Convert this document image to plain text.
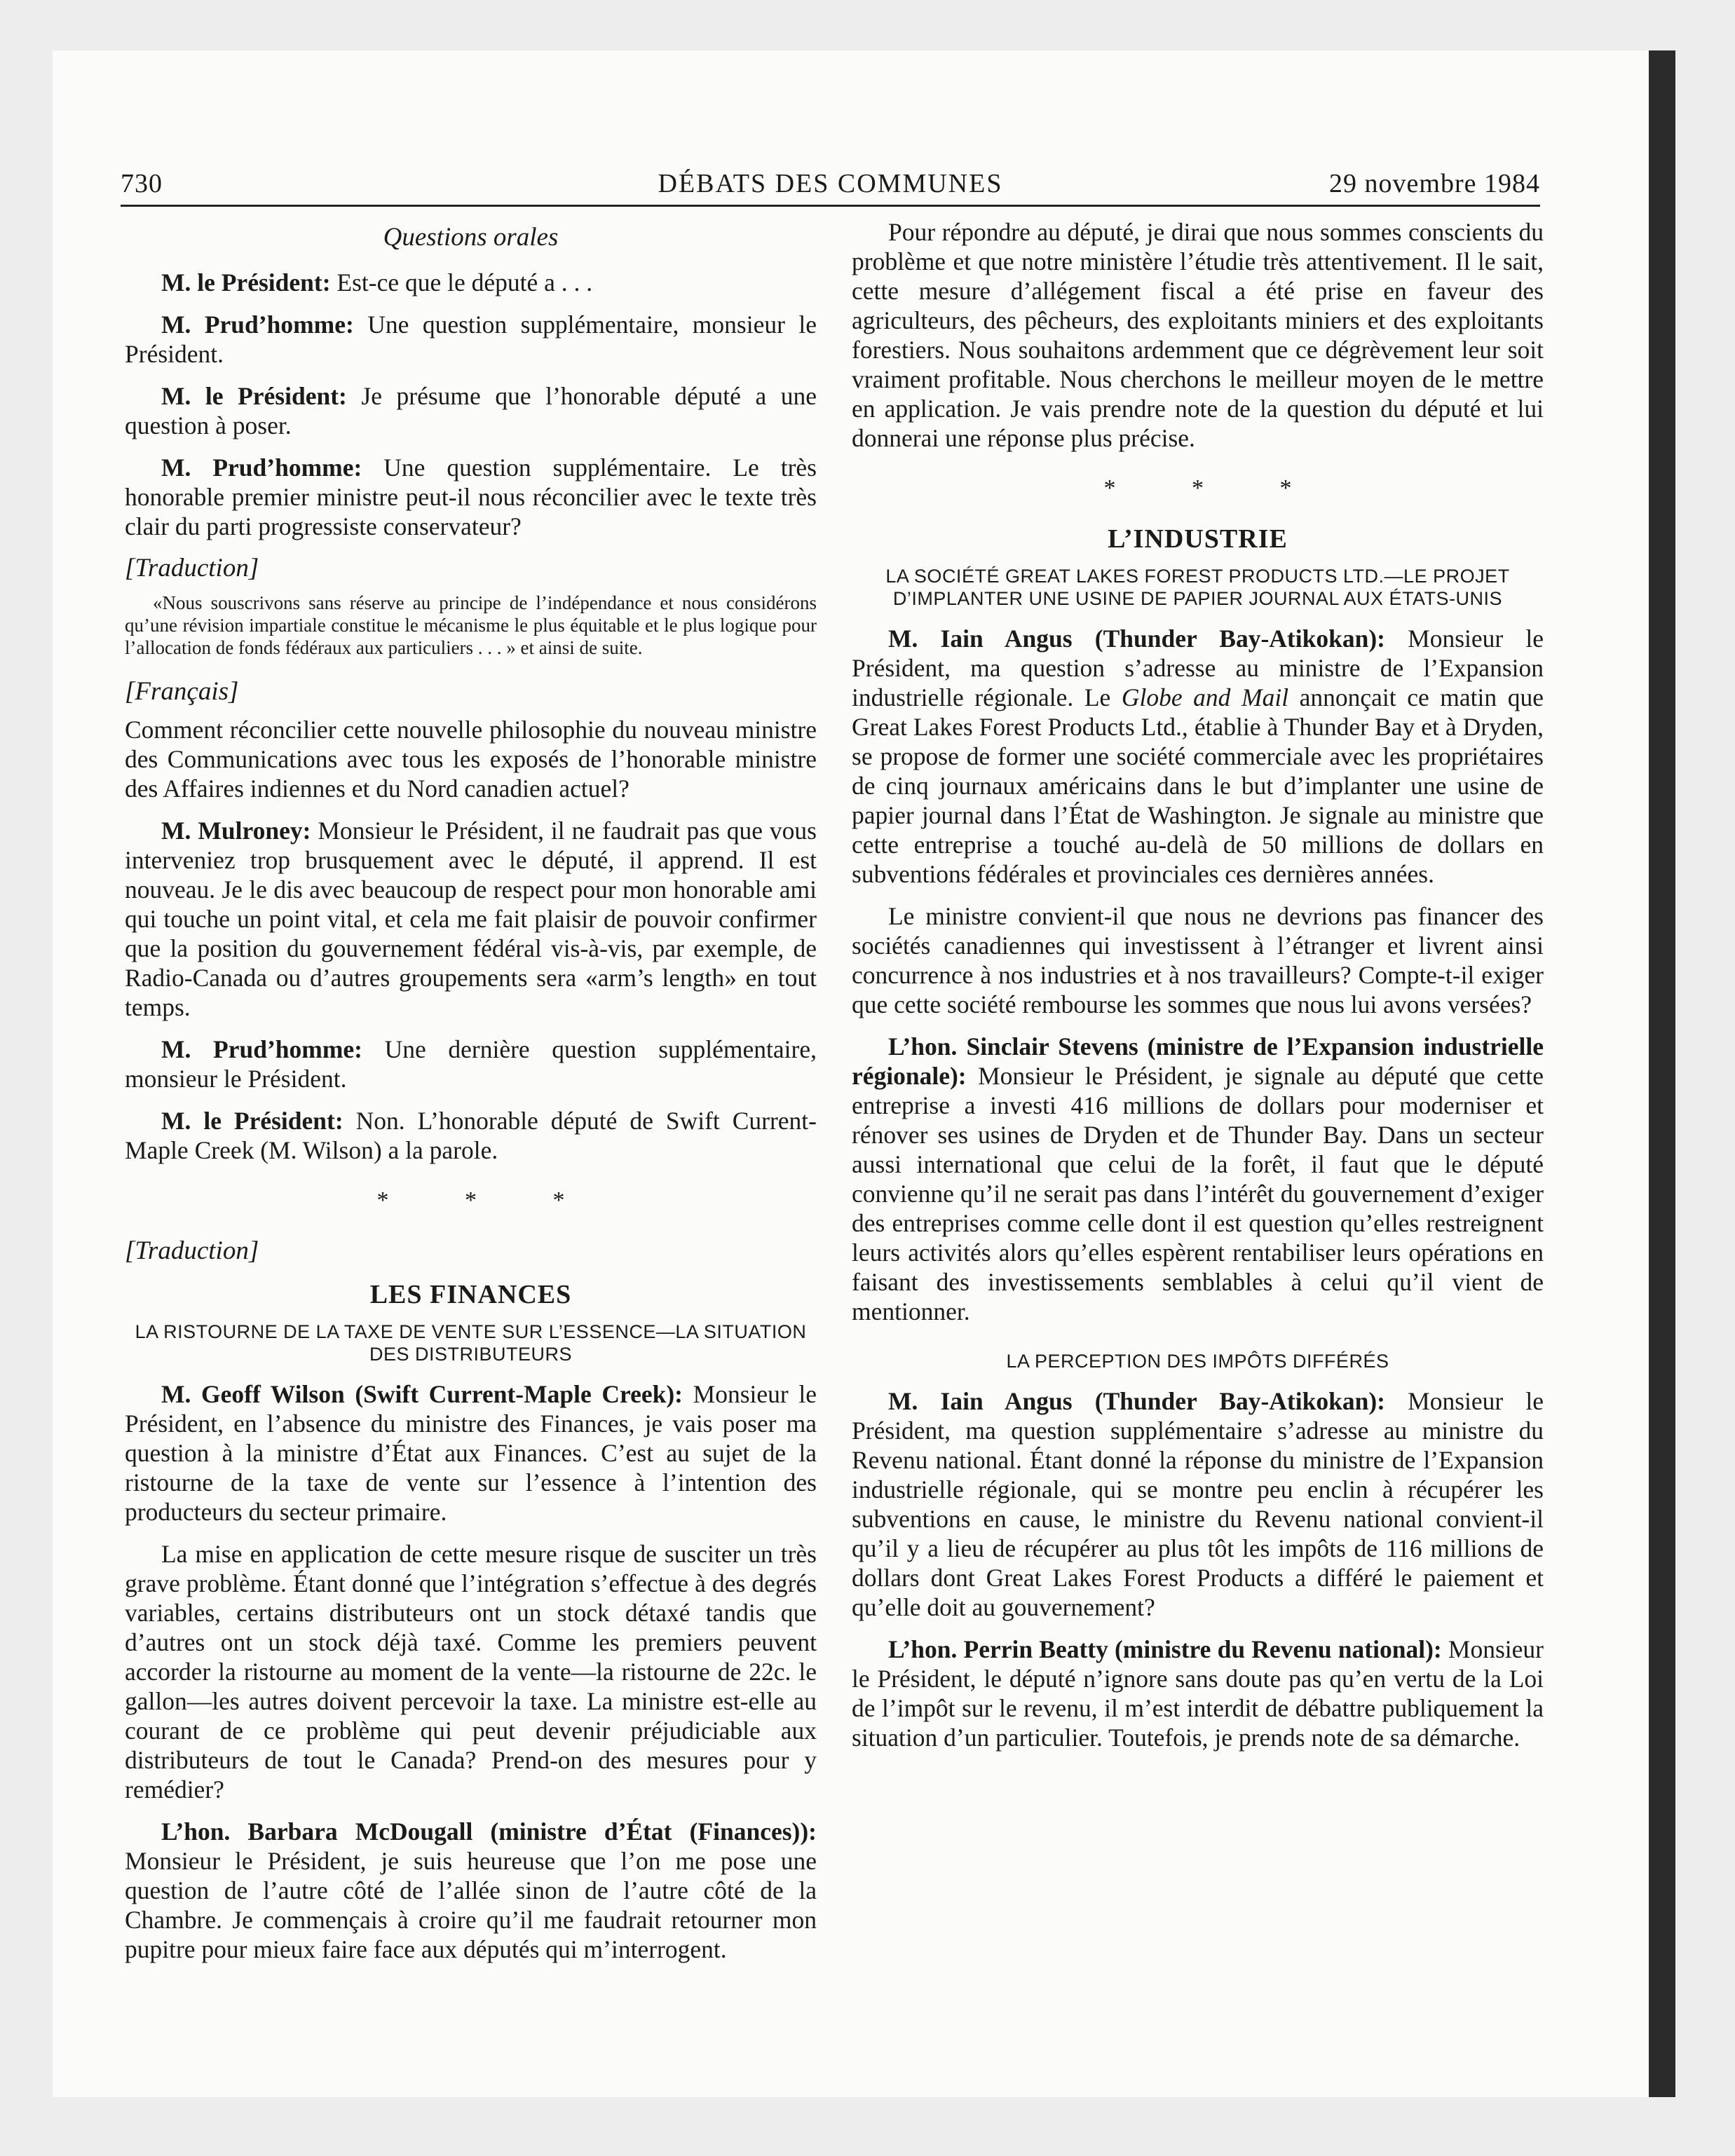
730	DÉBATS DES COMMUNES	29 novembre 1984
Questions orales

M. le Président: Est-ce que le député a . . .

M. Prud’homme: Une question supplémentaire, monsieur le Président.

M. le Président: Je présume que l’honorable député a une question à poser.

M. Prud’homme: Une question supplémentaire. Le très honorable premier ministre peut-il nous réconcilier avec le texte très clair du parti progressiste conservateur?

[Traduction]

«Nous souscrivons sans réserve au principe de l’indépendance et nous considérons qu’une révision impartiale constitue le mécanisme le plus équitable et le plus logique pour l’allocation de fonds fédéraux aux particuliers . . . » et ainsi de suite.

[Français]

Comment réconcilier cette nouvelle philosophie du nouveau ministre des Communications avec tous les exposés de l’honorable ministre des Affaires indiennes et du Nord canadien actuel?

M. Mulroney: Monsieur le Président, il ne faudrait pas que vous interveniez trop brusquement avec le député, il apprend. Il est nouveau. Je le dis avec beaucoup de respect pour mon honorable ami qui touche un point vital, et cela me fait plaisir de pouvoir confirmer que la position du gouvernement fédéral vis-à-vis, par exemple, de Radio-Canada ou d’autres groupements sera «arm’s length» en tout temps.

M. Prud’homme: Une dernière question supplémentaire, monsieur le Président.

M. le Président: Non. L’honorable député de Swift Current-Maple Creek (M. Wilson) a la parole.

* * *
[Traduction]
LES FINANCES
LA RISTOURNE DE LA TAXE DE VENTE SUR L’ESSENCE—LA SITUATION DES DISTRIBUTEURS

M. Geoff Wilson (Swift Current-Maple Creek): Monsieur le Président, en l’absence du ministre des Finances, je vais poser ma question à la ministre d’État aux Finances. C’est au sujet de la ristourne de la taxe de vente sur l’essence à l’intention des producteurs du secteur primaire.

La mise en application de cette mesure risque de susciter un très grave problème. Étant donné que l’intégration s’effectue à des degrés variables, certains distributeurs ont un stock détaxé tandis que d’autres ont un stock déjà taxé. Comme les premiers peuvent accorder la ristourne au moment de la vente—la ristourne de 22c. le gallon—les autres doivent percevoir la taxe. La ministre est-elle au courant de ce problème qui peut devenir préjudiciable aux distributeurs de tout le Canada? Prend-on des mesures pour y remédier?

L’hon. Barbara McDougall (ministre d’État (Finances)): Monsieur le Président, je suis heureuse que l’on me pose une question de l’autre côté de l’allée sinon de l’autre côté de la Chambre. Je commençais à croire qu’il me faudrait retourner mon pupitre pour mieux faire face aux députés qui m’interrogent.

Pour répondre au député, je dirai que nous sommes conscients du problème et que notre ministère l’étudie très attentivement. Il le sait, cette mesure d’allégement fiscal a été prise en faveur des agriculteurs, des pêcheurs, des exploitants miniers et des exploitants forestiers. Nous souhaitons ardemment que ce dégrèvement leur soit vraiment profitable. Nous cherchons le meilleur moyen de le mettre en application. Je vais prendre note de la question du député et lui donnerai une réponse plus précise.

* * *
L’INDUSTRIE
LA SOCIÉTÉ GREAT LAKES FOREST PRODUCTS LTD.—LE PROJET D’IMPLANTER UNE USINE DE PAPIER JOURNAL AUX ÉTATS-UNIS

M. Iain Angus (Thunder Bay-Atikokan): Monsieur le Président, ma question s’adresse au ministre de l’Expansion industrielle régionale. Le Globe and Mail annonçait ce matin que Great Lakes Forest Products Ltd., établie à Thunder Bay et à Dryden, se propose de former une société commerciale avec les propriétaires de cinq journaux américains dans le but d’implanter une usine de papier journal dans l’État de Washington. Je signale au ministre que cette entreprise a touché au-delà de 50 millions de dollars en subventions fédérales et provinciales ces dernières années.

Le ministre convient-il que nous ne devrions pas financer des sociétés canadiennes qui investissent à l’étranger et livrent ainsi concurrence à nos industries et à nos travailleurs? Compte-t-il exiger que cette société rembourse les sommes que nous lui avons versées?

L’hon. Sinclair Stevens (ministre de l’Expansion industrielle régionale): Monsieur le Président, je signale au député que cette entreprise a investi 416 millions de dollars pour moderniser et rénover ses usines de Dryden et de Thunder Bay. Dans un secteur aussi international que celui de la forêt, il faut que le député convienne qu’il ne serait pas dans l’intérêt du gouvernement d’exiger des entreprises comme celle dont il est question qu’elles restreignent leurs activités alors qu’elles espèrent rentabiliser leurs opérations en faisant des investissements semblables à celui qu’il vient de mentionner.

LA PERCEPTION DES IMPÔTS DIFFÉRÉS

M. Iain Angus (Thunder Bay-Atikokan): Monsieur le Président, ma question supplémentaire s’adresse au ministre du Revenu national. Étant donné la réponse du ministre de l’Expansion industrielle régionale, qui se montre peu enclin à récupérer les subventions en cause, le ministre du Revenu national convient-il qu’il y a lieu de récupérer au plus tôt les impôts de 116 millions de dollars dont Great Lakes Forest Products a différé le paiement et qu’elle doit au gouvernement?

L’hon. Perrin Beatty (ministre du Revenu national): Monsieur le Président, le député n’ignore sans doute pas qu’en vertu de la Loi de l’impôt sur le revenu, il m’est interdit de débattre publiquement la situation d’un particulier. Toutefois, je prends note de sa démarche.
